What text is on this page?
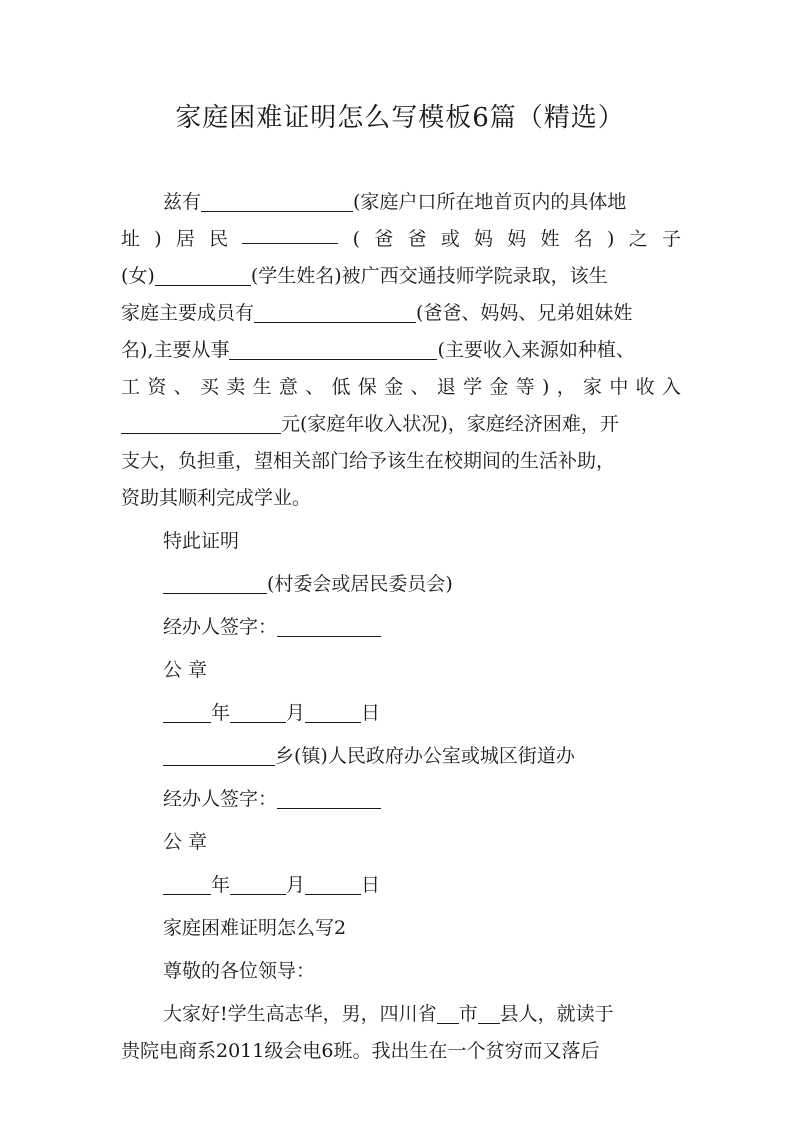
家庭困难证明怎么写模板6篇（精选）
兹有	(家庭户口所在地首页内的具体地
址 ) 居 民	( 爸 爸 或 妈 妈 姓 名 ) 之 子
(女)	(学生姓名)被广西交通技师学院录取，该生
家庭主要成员有	(爸爸、妈妈、兄弟姐妹姓
名),主要从事	(主要收入来源如种植、
工 资 、 买 卖 生 意 、 低 保 金 、 退 学 金 等 ) ， 家 中 收 入
元(家庭年收入状况)，家庭经济困难，开
支大，负担重，望相关部门给予该生在校期间的生活补助，
资助其顺利完成学业。
特此证明
(村委会或居民委员会)
经办人签字：
公 章
年	月	日
乡(镇)人民政府办公室或城区街道办
经办人签字：
公 章
年	月	日
家庭困难证明怎么写2
尊敬的各位领导：
大家好!学生高志华，男，四川省 市 县人，就读于
贵院电商系2011级会电6班。我出生在一个贫穷而又落后
